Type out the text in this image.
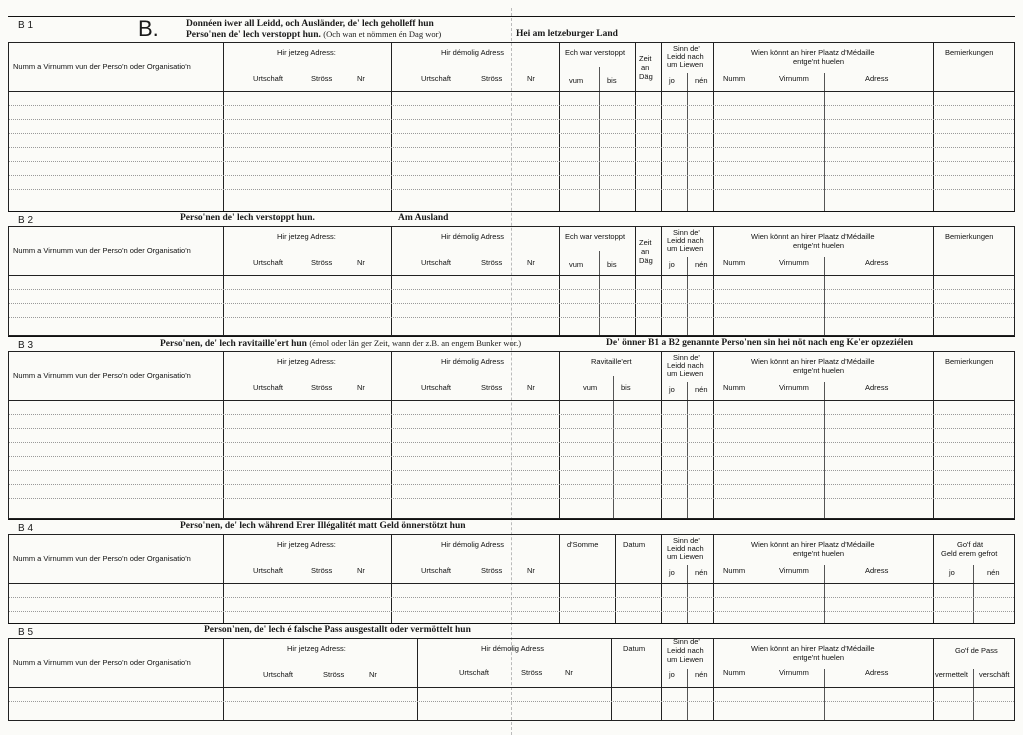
B 1	Donnéen iwer all Leidd, och Ausländer, de' lech geholleff hun
Perso'nen de' lech verstoppt hun. (Och wan et nömmen én Dag wor)	Hei am letzeburger Land
B.
Numm a Virnumm vun der Perso'n oder Organisatio'n
Hir jetzeg Adress:
Urtschaft	Ströss	Nr
Hir démolig Adress
Urtschaft	Ströss	Nr
Ech war verstoppt
vum	bis
Zeit
an
Däg
Sinn de'
Leidd nach
um Liewen
jo	nén
Wien könnt an hirer Plaatz d'Médaille
entge'nt huelen
Numm	Virnumm	Adress
Bemierkungen
B 2	Perso'nen de' lech verstoppt hun.	Am Ausland
Numm a Virnumm vun der Perso'n oder Organisatio'n
Hir jetzeg Adress:
Urtschaft	Ströss	Nr
Hir démolig Adress
Urtschaft	Ströss	Nr
Ech war verstoppt
vum	bis
Zeit
an
Däg
Sinn de'
Leidd nach
um Liewen
jo	nén
Wien könnt an hirer Plaatz d'Médaille
entge'nt huelen
Numm	Virnumm	Adress
Bemierkungen
B 3	Perso'nen, de' lech ravitaille'ert hun (émol oder län ger Zeit, wann der z.B. an engem Bunker wor.)	De' önner B1 a B2 genannte Perso'nen sin hei nöt nach eng Ke'er opzeziélen
Numm a Virnumm vun der Perso'n oder Organisatio'n
Hir jetzeg Adress:
Urtschaft	Ströss	Nr
Hir démolig Adress
Urtschaft	Ströss	Nr
Ravitaille'ert
vum	bis
Sinn de'
Leidd nach
um Liewen
jo	nén
Wien könnt an hirer Plaatz d'Médaille
entge'nt huelen
Numm	Virnumm	Adress
Bemierkungen
B 4	Perso'nen, de' lech während Erer Illégalitét matt Geld önnerstötzt hun
Numm a Virnumm vun der Perso'n oder Organisatio'n
Hir jetzeg Adress:
Urtschaft	Ströss	Nr
Hir démolig Adress
Urtschaft	Ströss	Nr
d'Somme	Datum	Sinn de'
Leidd nach
um Liewen
jo	nén
Wien könnt an hirer Plaatz d'Médaille
entge'nt huelen
Numm	Virnumm	Adress
Go'f dät
Geld erem gefrot
jo	nén
B 5	Person'nen, de' lech é falsche Pass ausgestallt oder vermöttelt hun
Numm a Virnumm vun der Perso'n oder Organisatio'n
Hir jetzeg Adress:
Urtschaft	Ströss	Nr
Hir démolig Adress
Urtschaft	Ströss	Nr
Datum
Sinn de'
Leidd nach
um Liewen
jo	nén
Wien könnt an hirer Plaatz d'Médaille
entge'nt huelen
Numm	Virnumm	Adress
Go'f de Pass
vermettelt verschäft
